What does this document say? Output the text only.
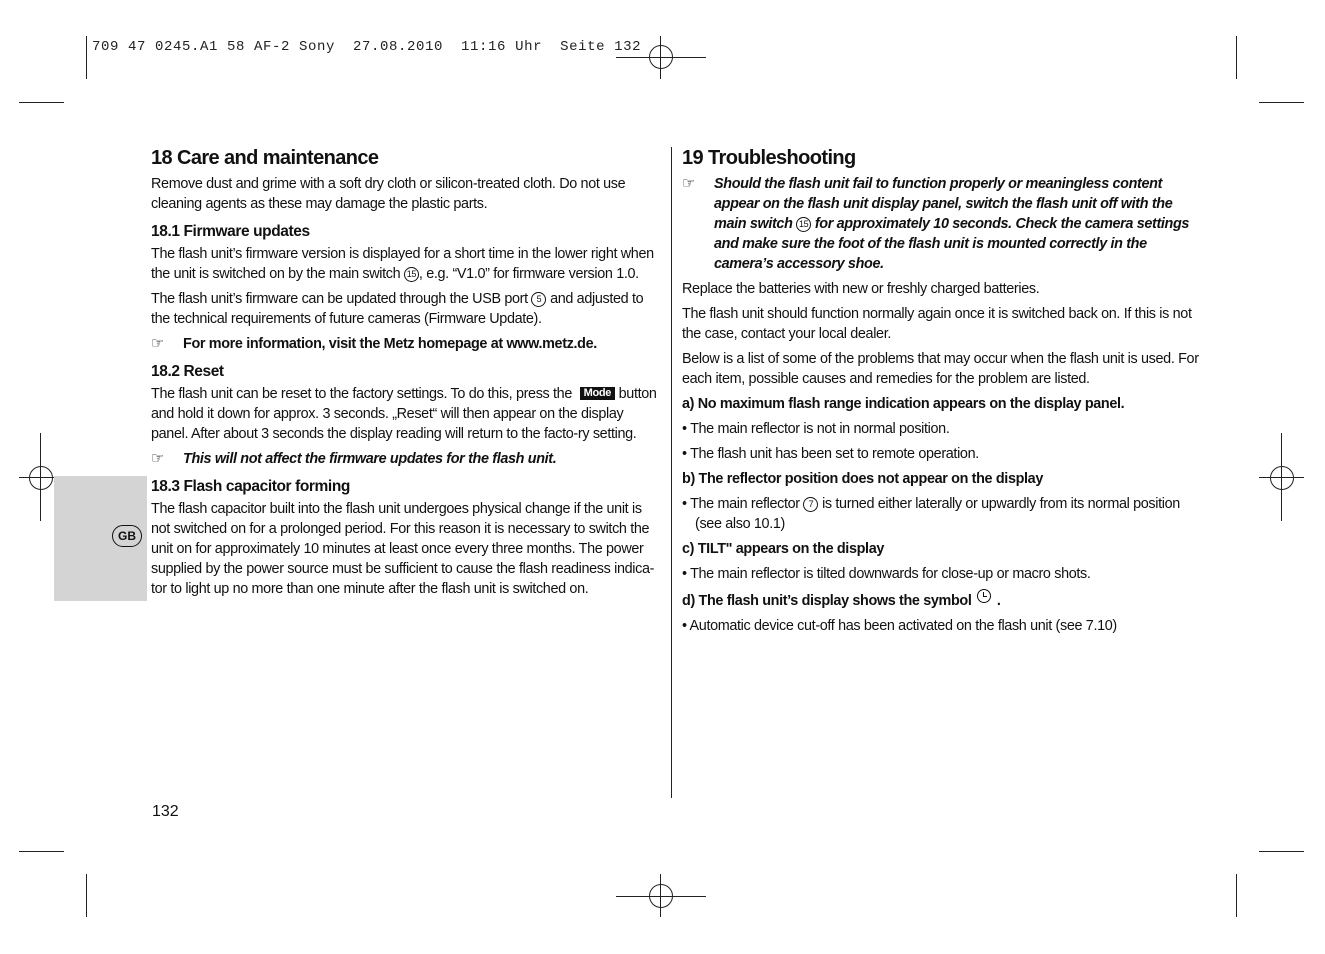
709 47 0245.A1 58 AF-2 Sony  27.08.2010  11:16 Uhr  Seite 132
GB
18 Care and maintenance

Remove dust and grime with a soft dry cloth or silicon-treated cloth. Do not use cleaning agents as these may damage the plastic parts.

18.1 Firmware updates

The flash unit’s firmware version is displayed for a short time in the lower right when the unit is switched on by the main switch 15 , e.g. “V1.0” for firmware version 1.0.

The flash unit’s firmware can be updated through the USB port 5 and adjusted to the technical requirements of future cameras (Firmware Update).

☞	For more information, visit the Metz homepage at www.metz.de.
18.2 Reset

The flash unit can be reset to the factory settings. To do this, press the Mode button and hold it down for approx. 3 seconds. „Reset“ will then appear on the display panel. After about 3 seconds the display reading will return to the facto-ry setting.

☞	This will not affect the firmware updates for the flash unit.
18.3 Flash capacitor forming

The flash capacitor built into the flash unit undergoes physical change if the unit is not switched on for a prolonged period. For this reason it is necessary to switch the unit on for approximately 10 minutes at least once every three months. The power supplied by the power source must be sufficient to cause the flash readiness indica-tor to light up no more than one minute after the flash unit is switched on.

132
19 Troubleshooting
☞	Should the flash unit fail to function properly or meaningless content appear on the flash unit display panel, switch the flash unit off with the main switch 15 for approximately 10 seconds. Check the camera settings and make sure the foot of the flash unit is mounted correctly in the camera’s accessory shoe.

Replace the batteries with new or freshly charged batteries.

The flash unit should function normally again once it is switched back on. If this is not the case, contact your local dealer.

Below is a list of some of the problems that may occur when the flash unit is used. For each item, possible causes and remedies for the problem are listed.

a) No maximum flash range indication appears on the display panel.
• The main reflector is not in normal position.
• The flash unit has been set to remote operation.
b) The reflector position does not appear on the display
• The main reflector 7 is turned either laterally or upwardly from its normal position (see also 10.1)
c) TILT" appears on the display
• The main reflector is tilted downwards for close-up or macro shots.
d) The flash unit’s display shows the symbol .
• Automatic device cut-off has been activated on the flash unit (see 7.10)
